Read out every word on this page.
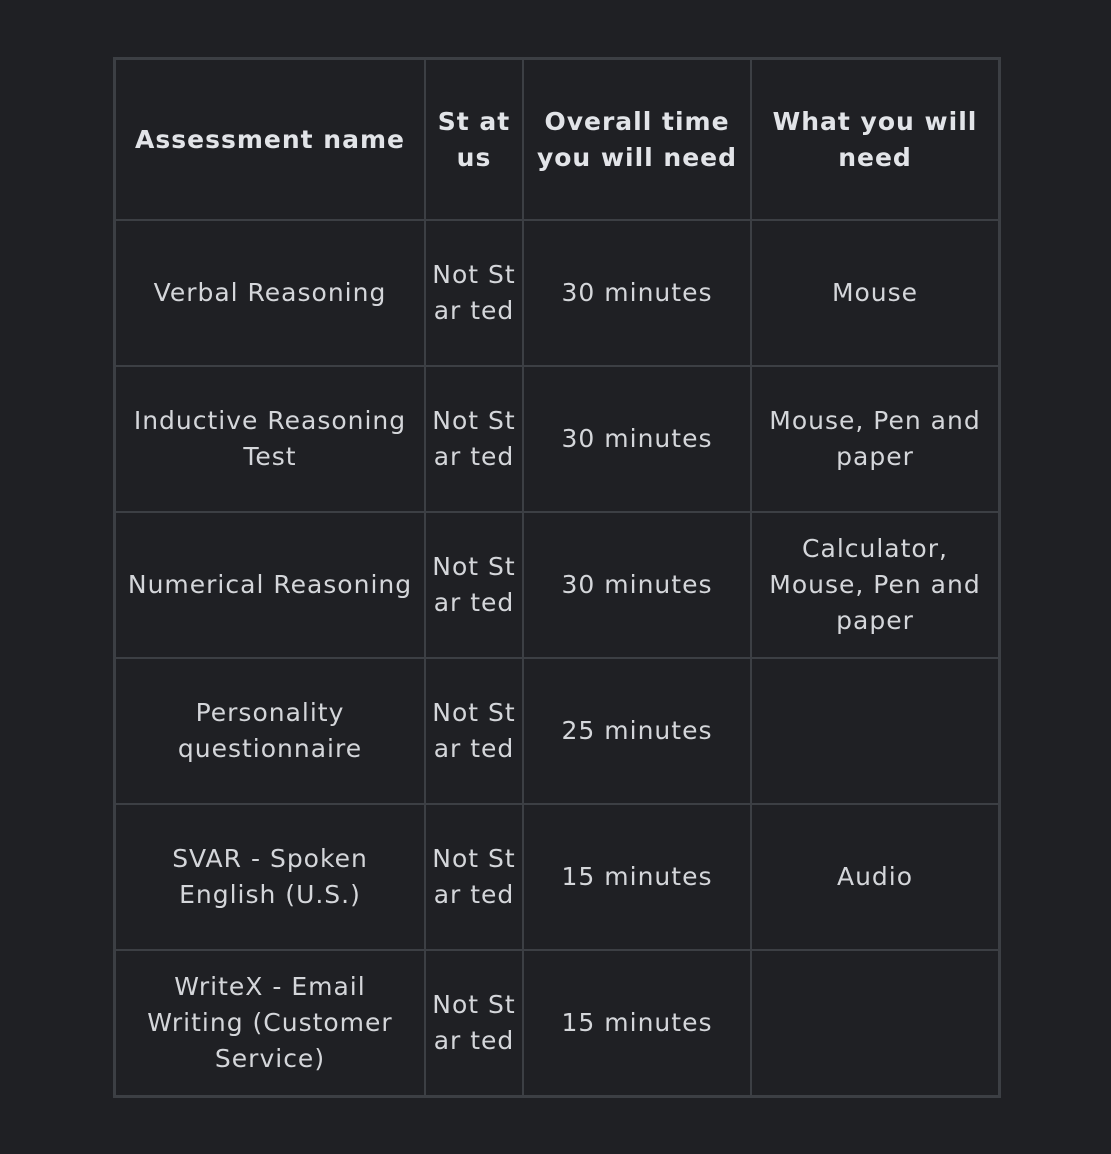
Assessment name	St at us	Overall time you will need	What you will need
Verbal Reasoning	Not Star ted	30 minutes	Mouse
Inductive Reasoning Test	Not Star ted	30 minutes	Mouse, Pen and paper
Numerical Reasoning	Not Star ted	30 minutes	Calculator, Mouse, Pen and paper
Personality questionnaire	Not Star ted	25 minutes	
SVAR - Spoken English (U.S.)	Not Star ted	15 minutes	Audio
WriteX - Email Writing (Customer Service)	Not Star ted	15 minutes	
